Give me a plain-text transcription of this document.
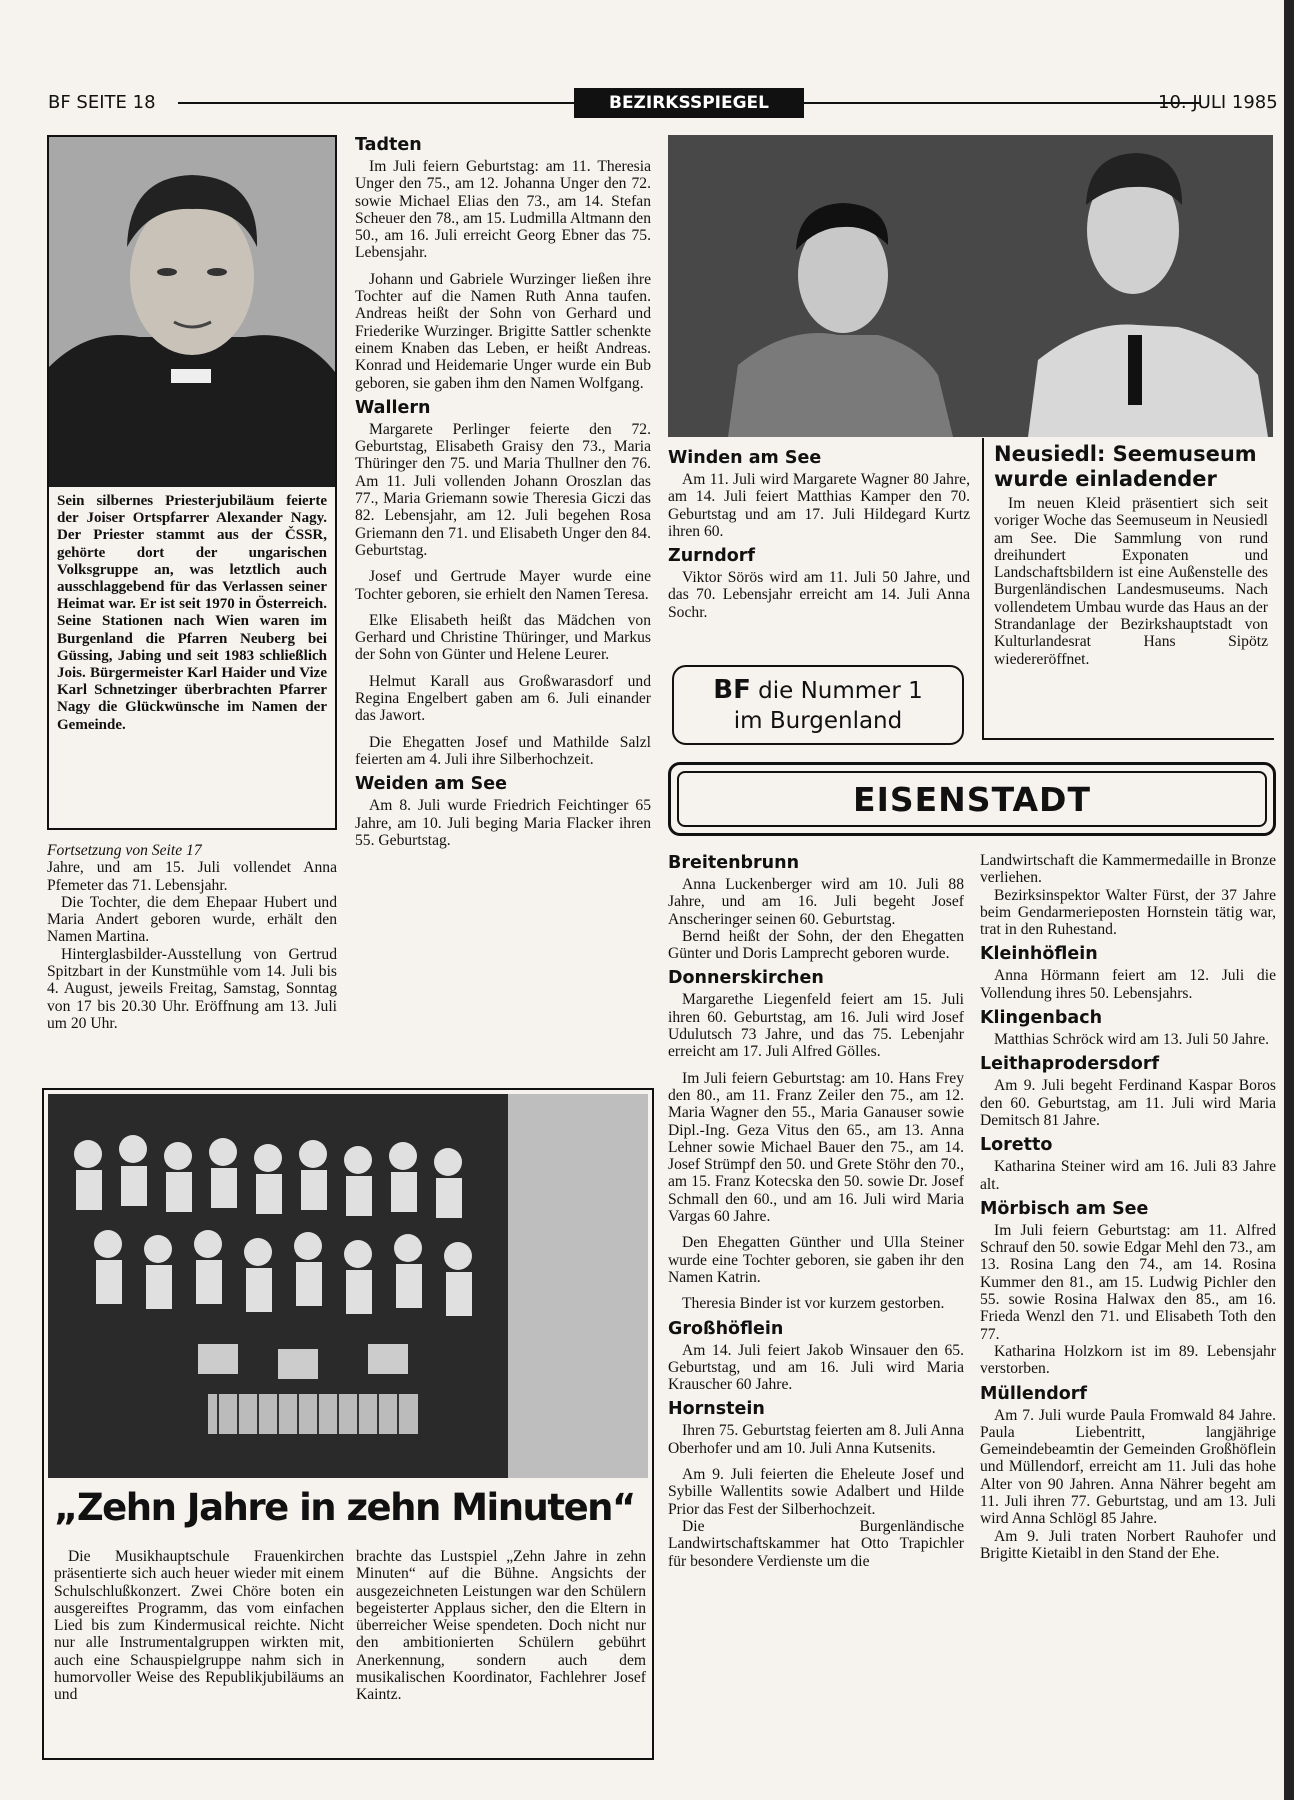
BF SEITE 18	BEZIRKSSPIEGEL	10. JULI 1985
Sein silbernes Priesterjubiläum feierte der Joiser Ortspfarrer Alexander Nagy. Der Priester stammt aus der ČSSR, gehörte dort der ungarischen Volksgruppe an, was letztlich auch ausschlaggebend für das Verlassen seiner Heimat war. Er ist seit 1970 in Österreich. Seine Stationen nach Wien waren im Burgenland die Pfarren Neuberg bei Güssing, Jabing und seit 1983 schließlich Jois. Bürgermeister Karl Haider und Vize Karl Schnetzinger überbrachten Pfarrer Nagy die Glückwünsche im Namen der Gemeinde.
Fortsetzung von Seite 17

Jahre, und am 15. Juli vollendet Anna Pfemeter das 71. Lebensjahr.

Die Tochter, die dem Ehepaar Hubert und Maria Andert geboren wurde, erhält den Namen Martina.

Hinterglasbilder-Ausstellung von Gertrud Spitzbart in der Kunstmühle vom 14. Juli bis 4. August, jeweils Freitag, Samstag, Sonntag von 17 bis 20.30 Uhr. Eröffnung am 13. Juli um 20 Uhr.

Tadten

Im Juli feiern Geburtstag: am 11. Theresia Unger den 75., am 12. Johanna Unger den 72. sowie Michael Elias den 73., am 14. Stefan Scheuer den 78., am 15. Ludmilla Altmann den 50., am 16. Juli erreicht Georg Ebner das 75. Lebensjahr.

Johann und Gabriele Wurzinger ließen ihre Tochter auf die Namen Ruth Anna taufen. Andreas heißt der Sohn von Gerhard und Friederike Wurzinger. Brigitte Sattler schenkte einem Knaben das Leben, er heißt Andreas. Konrad und Heidemarie Unger wurde ein Bub geboren, sie gaben ihm den Namen Wolfgang.

Wallern

Margarete Perlinger feierte den 72. Geburtstag, Elisabeth Graisy den 73., Maria Thüringer den 75. und Maria Thullner den 76. Am 11. Juli vollenden Johann Oroszlan das 77., Maria Griemann sowie Theresia Giczi das 82. Lebensjahr, am 12. Juli begehen Rosa Griemann den 71. und Elisabeth Unger den 84. Geburtstag.

Josef und Gertrude Mayer wurde eine Tochter geboren, sie erhielt den Namen Teresa.

Elke Elisabeth heißt das Mädchen von Gerhard und Christine Thüringer, und Markus der Sohn von Günter und Helene Leurer.

Helmut Karall aus Großwarasdorf und Regina Engelbert gaben am 6. Juli einander das Jawort.

Die Ehegatten Josef und Mathilde Salzl feierten am 4. Juli ihre Silberhochzeit.

Weiden am See

Am 8. Juli wurde Friedrich Feichtinger 65 Jahre, am 10. Juli beging Maria Flacker ihren 55. Geburtstag.

Winden am See

Am 11. Juli wird Margarete Wagner 80 Jahre, am 14. Juli feiert Matthias Kamper den 70. Geburtstag und am 17. Juli Hildegard Kurtz ihren 60.

Zurndorf

Viktor Sörös wird am 11. Juli 50 Jahre, und das 70. Lebensjahr erreicht am 14. Juli Anna Sochr.

BF die Nummer 1
im Burgenland
Neusiedl: Seemuseum wurde einladender
Im neuen Kleid präsentiert sich seit voriger Woche das Seemuseum in Neusiedl am See. Die Sammlung von rund dreihundert Exponaten und Landschaftsbildern ist eine Außenstelle des Burgenländischen Landesmuseums. Nach vollendetem Umbau wurde das Haus an der Strandanlage der Bezirkshauptstadt von Kulturlandesrat Hans Sipötz wiedereröffnet.
EISENSTADT
Breitenbrunn

Anna Luckenberger wird am 10. Juli 88 Jahre, und am 16. Juli begeht Josef Anscheringer seinen 60. Geburtstag.

Bernd heißt der Sohn, der den Ehegatten Günter und Doris Lamprecht geboren wurde.

Donnerskirchen

Margarethe Liegenfeld feiert am 15. Juli ihren 60. Geburtstag, am 16. Juli wird Josef Udulutsch 73 Jahre, und das 75. Lebenjahr erreicht am 17. Juli Alfred Gölles.

Im Juli feiern Geburtstag: am 10. Hans Frey den 80., am 11. Franz Zeiler den 75., am 12. Maria Wagner den 55., Maria Ganauser sowie Dipl.-Ing. Geza Vitus den 65., am 13. Anna Lehner sowie Michael Bauer den 75., am 14. Josef Strümpf den 50. und Grete Stöhr den 70., am 15. Franz Kotecska den 50. sowie Dr. Josef Schmall den 60., und am 16. Juli wird Maria Vargas 60 Jahre.

Den Ehegatten Günther und Ulla Steiner wurde eine Tochter geboren, sie gaben ihr den Namen Katrin.

Theresia Binder ist vor kurzem gestorben.

Großhöflein

Am 14. Juli feiert Jakob Winsauer den 65. Geburtstag, und am 16. Juli wird Maria Krauscher 60 Jahre.

Hornstein

Ihren 75. Geburtstag feierten am 8. Juli Anna Oberhofer und am 10. Juli Anna Kutsenits.

Am 9. Juli feierten die Eheleute Josef und Sybille Wallentits sowie Adalbert und Hilde Prior das Fest der Silberhochzeit.

Die Burgenländische Landwirtschaftskammer hat Otto Trapichler für besondere Verdienste um die

Landwirtschaft die Kammermedaille in Bronze verliehen.

Bezirksinspektor Walter Fürst, der 37 Jahre beim Gendarmerieposten Hornstein tätig war, trat in den Ruhestand.

Kleinhöflein

Anna Hörmann feiert am 12. Juli die Vollendung ihres 50. Lebensjahrs.

Klingenbach

Matthias Schröck wird am 13. Juli 50 Jahre.

Leithaprodersdorf

Am 9. Juli begeht Ferdinand Kaspar Boros den 60. Geburtstag, am 11. Juli wird Maria Demitsch 81 Jahre.

Loretto

Katharina Steiner wird am 16. Juli 83 Jahre alt.

Mörbisch am See

Im Juli feiern Geburtstag: am 11. Alfred Schrauf den 50. sowie Edgar Mehl den 73., am 13. Rosina Lang den 74., am 14. Rosina Kummer den 81., am 15. Ludwig Pichler den 55. sowie Rosina Halwax den 85., am 16. Frieda Wenzl den 71. und Elisabeth Toth den 77.

Katharina Holzkorn ist im 89. Lebensjahr verstorben.

Müllendorf

Am 7. Juli wurde Paula Fromwald 84 Jahre. Paula Liebentritt, langjährige Gemeindebeamtin der Gemeinden Großhöflein und Müllendorf, erreicht am 11. Juli das hohe Alter von 90 Jahren. Anna Nährer begeht am 11. Juli ihren 77. Geburtstag, und am 13. Juli wird Anna Schlögl 85 Jahre.

Am 9. Juli traten Norbert Rauhofer und Brigitte Kietaibl in den Stand der Ehe.

„Zehn Jahre in zehn Minuten“
Die Musikhauptschule Frauenkirchen präsentierte sich auch heuer wieder mit einem Schulschlußkonzert. Zwei Chöre boten ein ausgereiftes Programm, das vom einfachen Lied bis zum Kindermusical reichte. Nicht nur alle Instrumentalgruppen wirkten mit, auch eine Schauspielgruppe nahm sich in humorvoller Weise des Republikjubiläums an und
brachte das Lustspiel „Zehn Jahre in zehn Minuten“ auf die Bühne. Angsichts der ausgezeichneten Leistungen war den Schülern begeisterter Applaus sicher, den die Eltern in überreicher Weise spendeten. Doch nicht nur den ambitionierten Schülern gebührt Anerkennung, sondern auch dem musikalischen Koordinator, Fachlehrer Josef Kaintz.
